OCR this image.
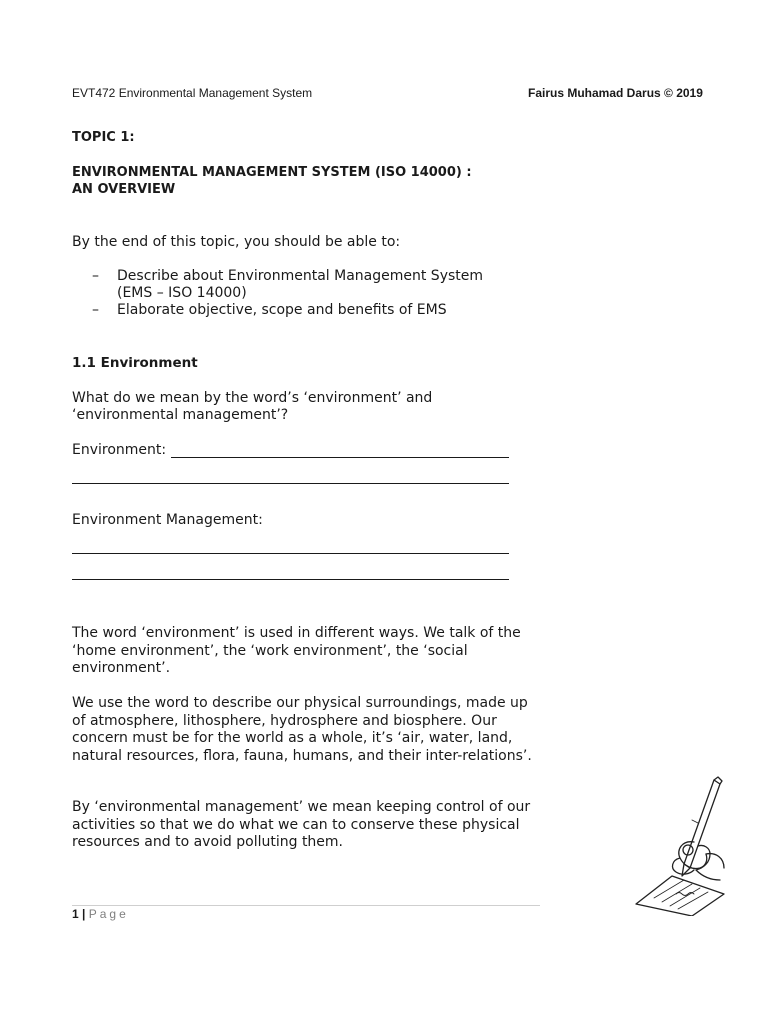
EVT472 Environmental Management System	Fairus Muhamad Darus © 2019
TOPIC 1:
ENVIRONMENTAL MANAGEMENT SYSTEM (ISO 14000) :
AN OVERVIEW
By the end of this topic, you should be able to:
– Describe about Environmental Management System
(EMS – ISO 14000)
– Elaborate objective, scope and benefits of EMS
1.1 Environment
What do we mean by the word’s ‘environment’ and
‘environmental management’?
Environment:
Environment Management:
The word ‘environment’ is used in different ways. We talk of the ‘home environment’, the ‘work environment’, the ‘social environment’.
We use the word to describe our physical surroundings, made up of atmosphere, lithosphere, hydrosphere and biosphere. Our concern must be for the world as a whole, it’s ‘air, water, land, natural resources, flora, fauna, humans, and their inter-relations’.
By ‘environmental management’ we mean keeping control of our activities so that we do what we can to conserve these physical resources and to avoid polluting them.
1 | Page
